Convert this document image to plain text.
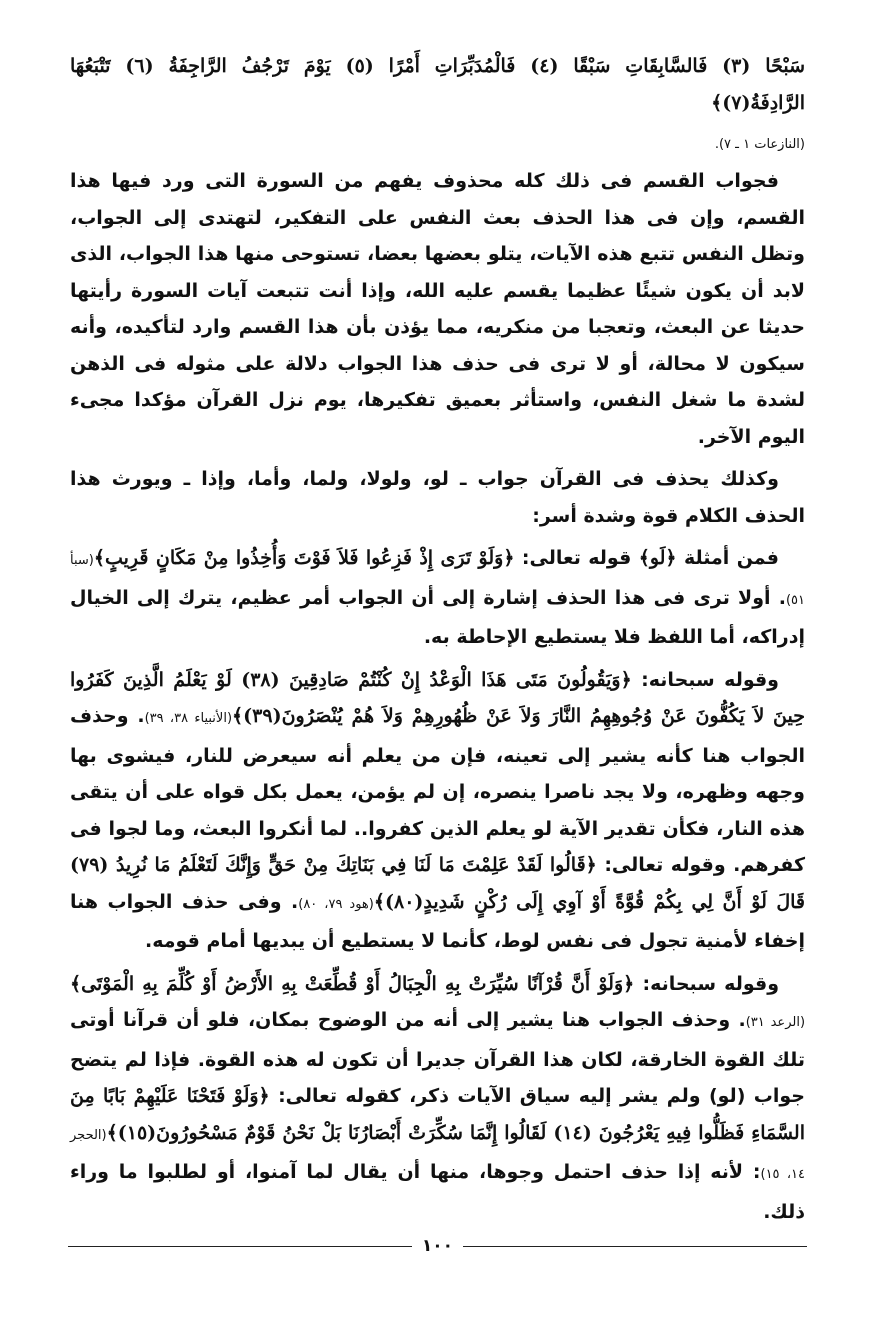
سَبْحًا (٣) فَالسَّابِقَاتِ سَبْقًا (٤) فَالْمُدَبِّرَاتِ أَمْرًا (٥) يَوْمَ تَرْجُفُ الرَّاجِفَةُ (٦) تَتْبَعُهَا الرَّادِفَةُ(٧)﴾

(النازعات ١ ـ ٧).

فجواب القسم فى ذلك كله محذوف يفهم من السورة التى ورد فيها هذا القسم، وإن فى هذا الحذف بعث النفس على التفكير، لتهتدى إلى الجواب، وتظل النفس تتبع هذه الآيات، يتلو بعضها بعضا، تستوحى منها هذا الجواب، الذى لابد أن يكون شيئًا عظيما يقسم عليه الله، وإذا أنت تتبعت آيات السورة رأيتها حديثا عن البعث، وتعجبا من منكريه، مما يؤذن بأن هذا القسم وارد لتأكيده، وأنه سيكون لا محالة، أو لا ترى فى حذف هذا الجواب دلالة على مثوله فى الذهن لشدة ما شغل النفس، واستأثر بعميق تفكيرها، يوم نزل القرآن مؤكدا مجىء اليوم الآخر.

وكذلك يحذف فى القرآن جواب ـ لو، ولولا، ولما، وأما، وإذا ـ ويورث هذا الحذف الكلام قوة وشدة أسر:

فمن أمثلة ﴿لَو﴾ قوله تعالى: ﴿وَلَوْ تَرَى إِذْ فَزِعُوا فَلاَ فَوْتَ وَأُخِذُوا مِنْ مَكَانٍ قَرِيبٍ﴾(سبأ ٥١). أولا ترى فى هذا الحذف إشارة إلى أن الجواب أمر عظيم، يترك إلى الخيال إدراكه، أما اللفظ فلا يستطيع الإحاطة به.

وقوله سبحانه: ﴿وَيَقُولُونَ مَتَى هَذَا الْوَعْدُ إِنْ كُنْتُمْ صَادِقِينَ (٣٨) لَوْ يَعْلَمُ الَّذِينَ كَفَرُوا حِينَ لاَ يَكُفُّونَ عَنْ وُجُوهِهِمُ النَّارَ وَلاَ عَنْ ظُهُورِهِمْ وَلاَ هُمْ يُنْصَرُونَ(٣٩)﴾(الأنبياء ٣٨، ٣٩). وحذف الجواب هنا كأنه يشير إلى تعينه، فإن من يعلم أنه سيعرض للنار، فيشوى بها وجهه وظهره، ولا يجد ناصرا ينصره، إن لم يؤمن، يعمل بكل قواه على أن يتقى هذه النار، فكأن تقدير الآية لو يعلم الذين كفروا.. لما أنكروا البعث، وما لجوا فى كفرهم. وقوله تعالى: ﴿قَالُوا لَقَدْ عَلِمْتَ مَا لَنَا فِي بَنَاتِكَ مِنْ حَقٍّ وَإِنَّكَ لَتَعْلَمُ مَا نُرِيدُ (٧٩) قَالَ لَوْ أَنَّ لِي بِكُمْ قُوَّةً أَوْ آوِي إِلَى رُكْنٍ شَدِيدٍ(٨٠)﴾(هود ٧٩، ٨٠). وفى حذف الجواب هنا إخفاء لأمنية تجول فى نفس لوط، كأنما لا يستطيع أن يبديها أمام قومه.

وقوله سبحانه: ﴿وَلَوْ أَنَّ قُرْآنًا سُيِّرَتْ بِهِ الْجِبَالُ أَوْ قُطِّعَتْ بِهِ الأَرْضُ أَوْ كُلِّمَ بِهِ الْمَوْتَى﴾(الرعد ٣١). وحذف الجواب هنا يشير إلى أنه من الوضوح بمكان، فلو أن قرآنا أوتى تلك القوة الخارقة، لكان هذا القرآن جديرا أن تكون له هذه القوة. فإذا لم يتضح جواب (لو) ولم يشر إليه سياق الآيات ذكر، كقوله تعالى: ﴿وَلَوْ فَتَحْنَا عَلَيْهِمْ بَابًا مِنَ السَّمَاءِ فَظَلُّوا فِيهِ يَعْرُجُونَ (١٤) لَقَالُوا إِنَّمَا سُكِّرَتْ أَبْصَارُنَا بَلْ نَحْنُ قَوْمٌ مَسْحُورُونَ(١٥)﴾(الحجر ١٤، ١٥): لأنه إذا حذف احتمل وجوها، منها أن يقال لما آمنوا، أو لطلبوا ما وراء ذلك.

١٠٠
